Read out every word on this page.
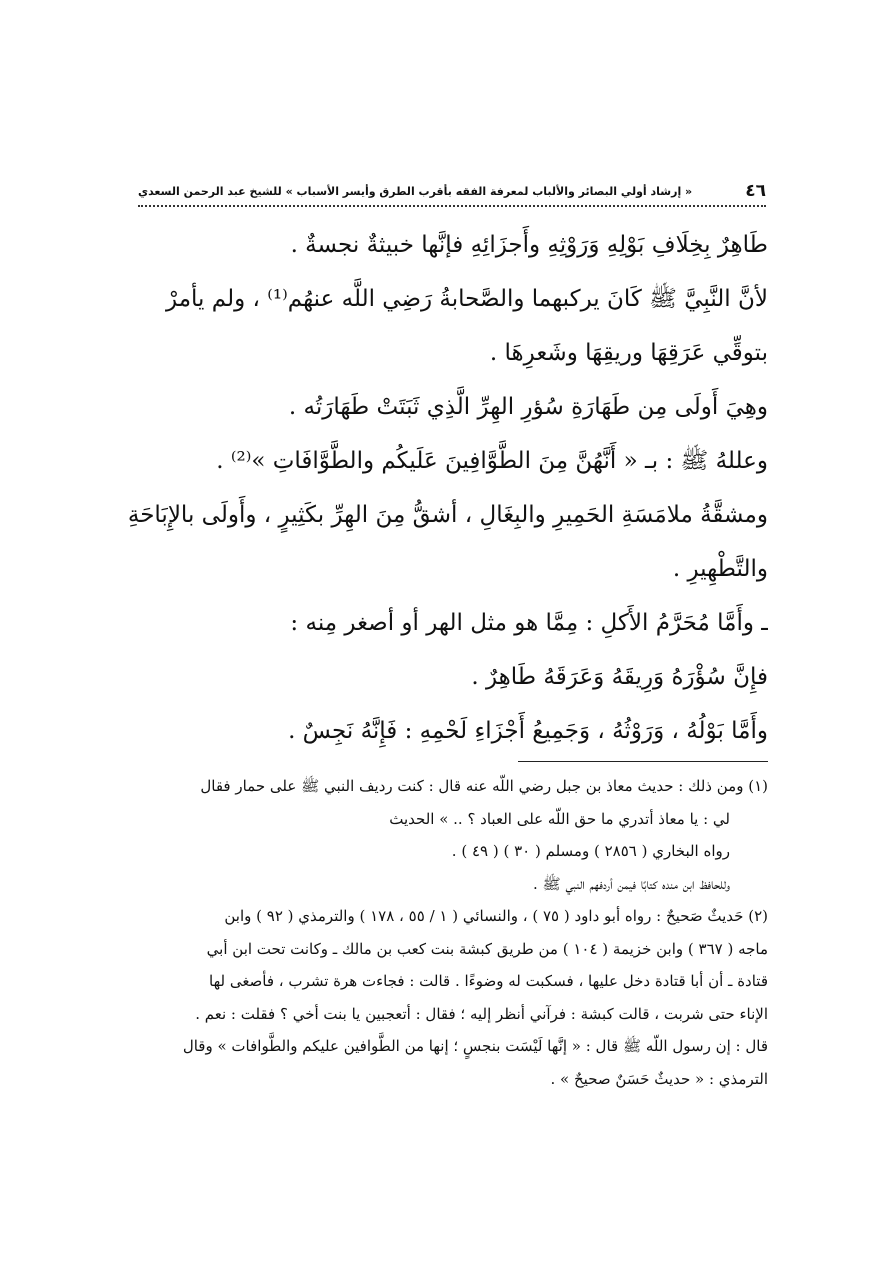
« إرشاد أولي البصائر والألباب لمعرفة الفقه بأقرب الطرق وأيسر الأسباب » للشيخ عبد الرحمن السعدي	٤٦
طَاهِرٌ بِخِلَافِ بَوْلِهِ وَرَوْثِهِ وأَجزَائِهِ فإنَّها خبيثةٌ نجسةٌ .
لأنَّ النَّبِيَّ ﷺ كَانَ يركبهما والصَّحابةُ رَضِي اللَّه عنهُم⁽¹⁾ ، ولم يأمرْ
بتوقِّي عَرَقِهَا وريقِهَا وشَعرِهَا .
وهِيَ أَولَى مِن طَهَارَةِ سُؤرِ الهِرِّ الَّذِي ثَبَتَتْ طَهَارَتُه .
وعللهُ ﷺ : بـ « أَنَّهُنَّ مِنَ الطَّوَّافِينَ عَلَيكُم والطَّوَّافَاتِ »⁽²⁾ .
ومشقَّةُ ملامَسَةِ الحَمِيرِ والبِغَالِ ، أشقُّ مِنَ الهِرِّ بكَثِيرٍ ، وأَولَى بالإِبَاحَةِ
والتَّطْهِيرِ .
ـ وأَمَّا مُحَرَّمُ الأَكلِ : مِمَّا هو مثل الهر أو أصغر مِنه :
فإِنَّ سُؤْرَهُ وَرِيقَهُ وَعَرَقَهُ طَاهِرٌ .
وأَمَّا بَوْلُهُ ، وَرَوْثُهُ ، وَجَمِيعُ أَجْزَاءِ لَحْمِهِ : فَإِنَّهُ نَجِسٌ .
(١) ومن ذلك : حديث معاذ بن جبل رضي اللّه عنه قال : كنت رديف النبي ﷺ على حمار فقال
لي : يا معاذ أتدري ما حق اللّه على العباد ؟ .. » الحديث
رواه البخاري ( ٢٨٥٦ ) ومسلم ( ٣٠ ) ( ٤٩ ) .
وللحافظ ابن منده كتابًا فيمن أردفهم النبي ﷺ .
(٢) حَديثٌ صَحيحٌ : رواه أبو داود ( ٧٥ ) ، والنسائي ( ١ / ٥٥ ، ١٧٨ ) والترمذي ( ٩٢ ) وابن
ماجه ( ٣٦٧ ) وابن خزيمة ( ١٠٤ ) من طريق كبشة بنت كعب بن مالك ـ وكانت تحت ابن أبي
قتادة ـ أن أبا قتادة دخل عليها ، فسكبت له وضوءًا . قالت : فجاءت هرة تشرب ، فأصغى لها
الإناء حتى شربت ، قالت كبشة : فرآني أنظر إليه ؛ فقال : أتعجبين يا بنت أخي ؟ فقلت : نعم .
قال : إن رسول اللّه ﷺ قال : « إنَّها لَيْسَت بنجسٍ ؛ إنها من الطَّوافين عليكم والطَّوافات » وقال
الترمذي : « حديثٌ حَسَنٌ صحيحٌ » .
